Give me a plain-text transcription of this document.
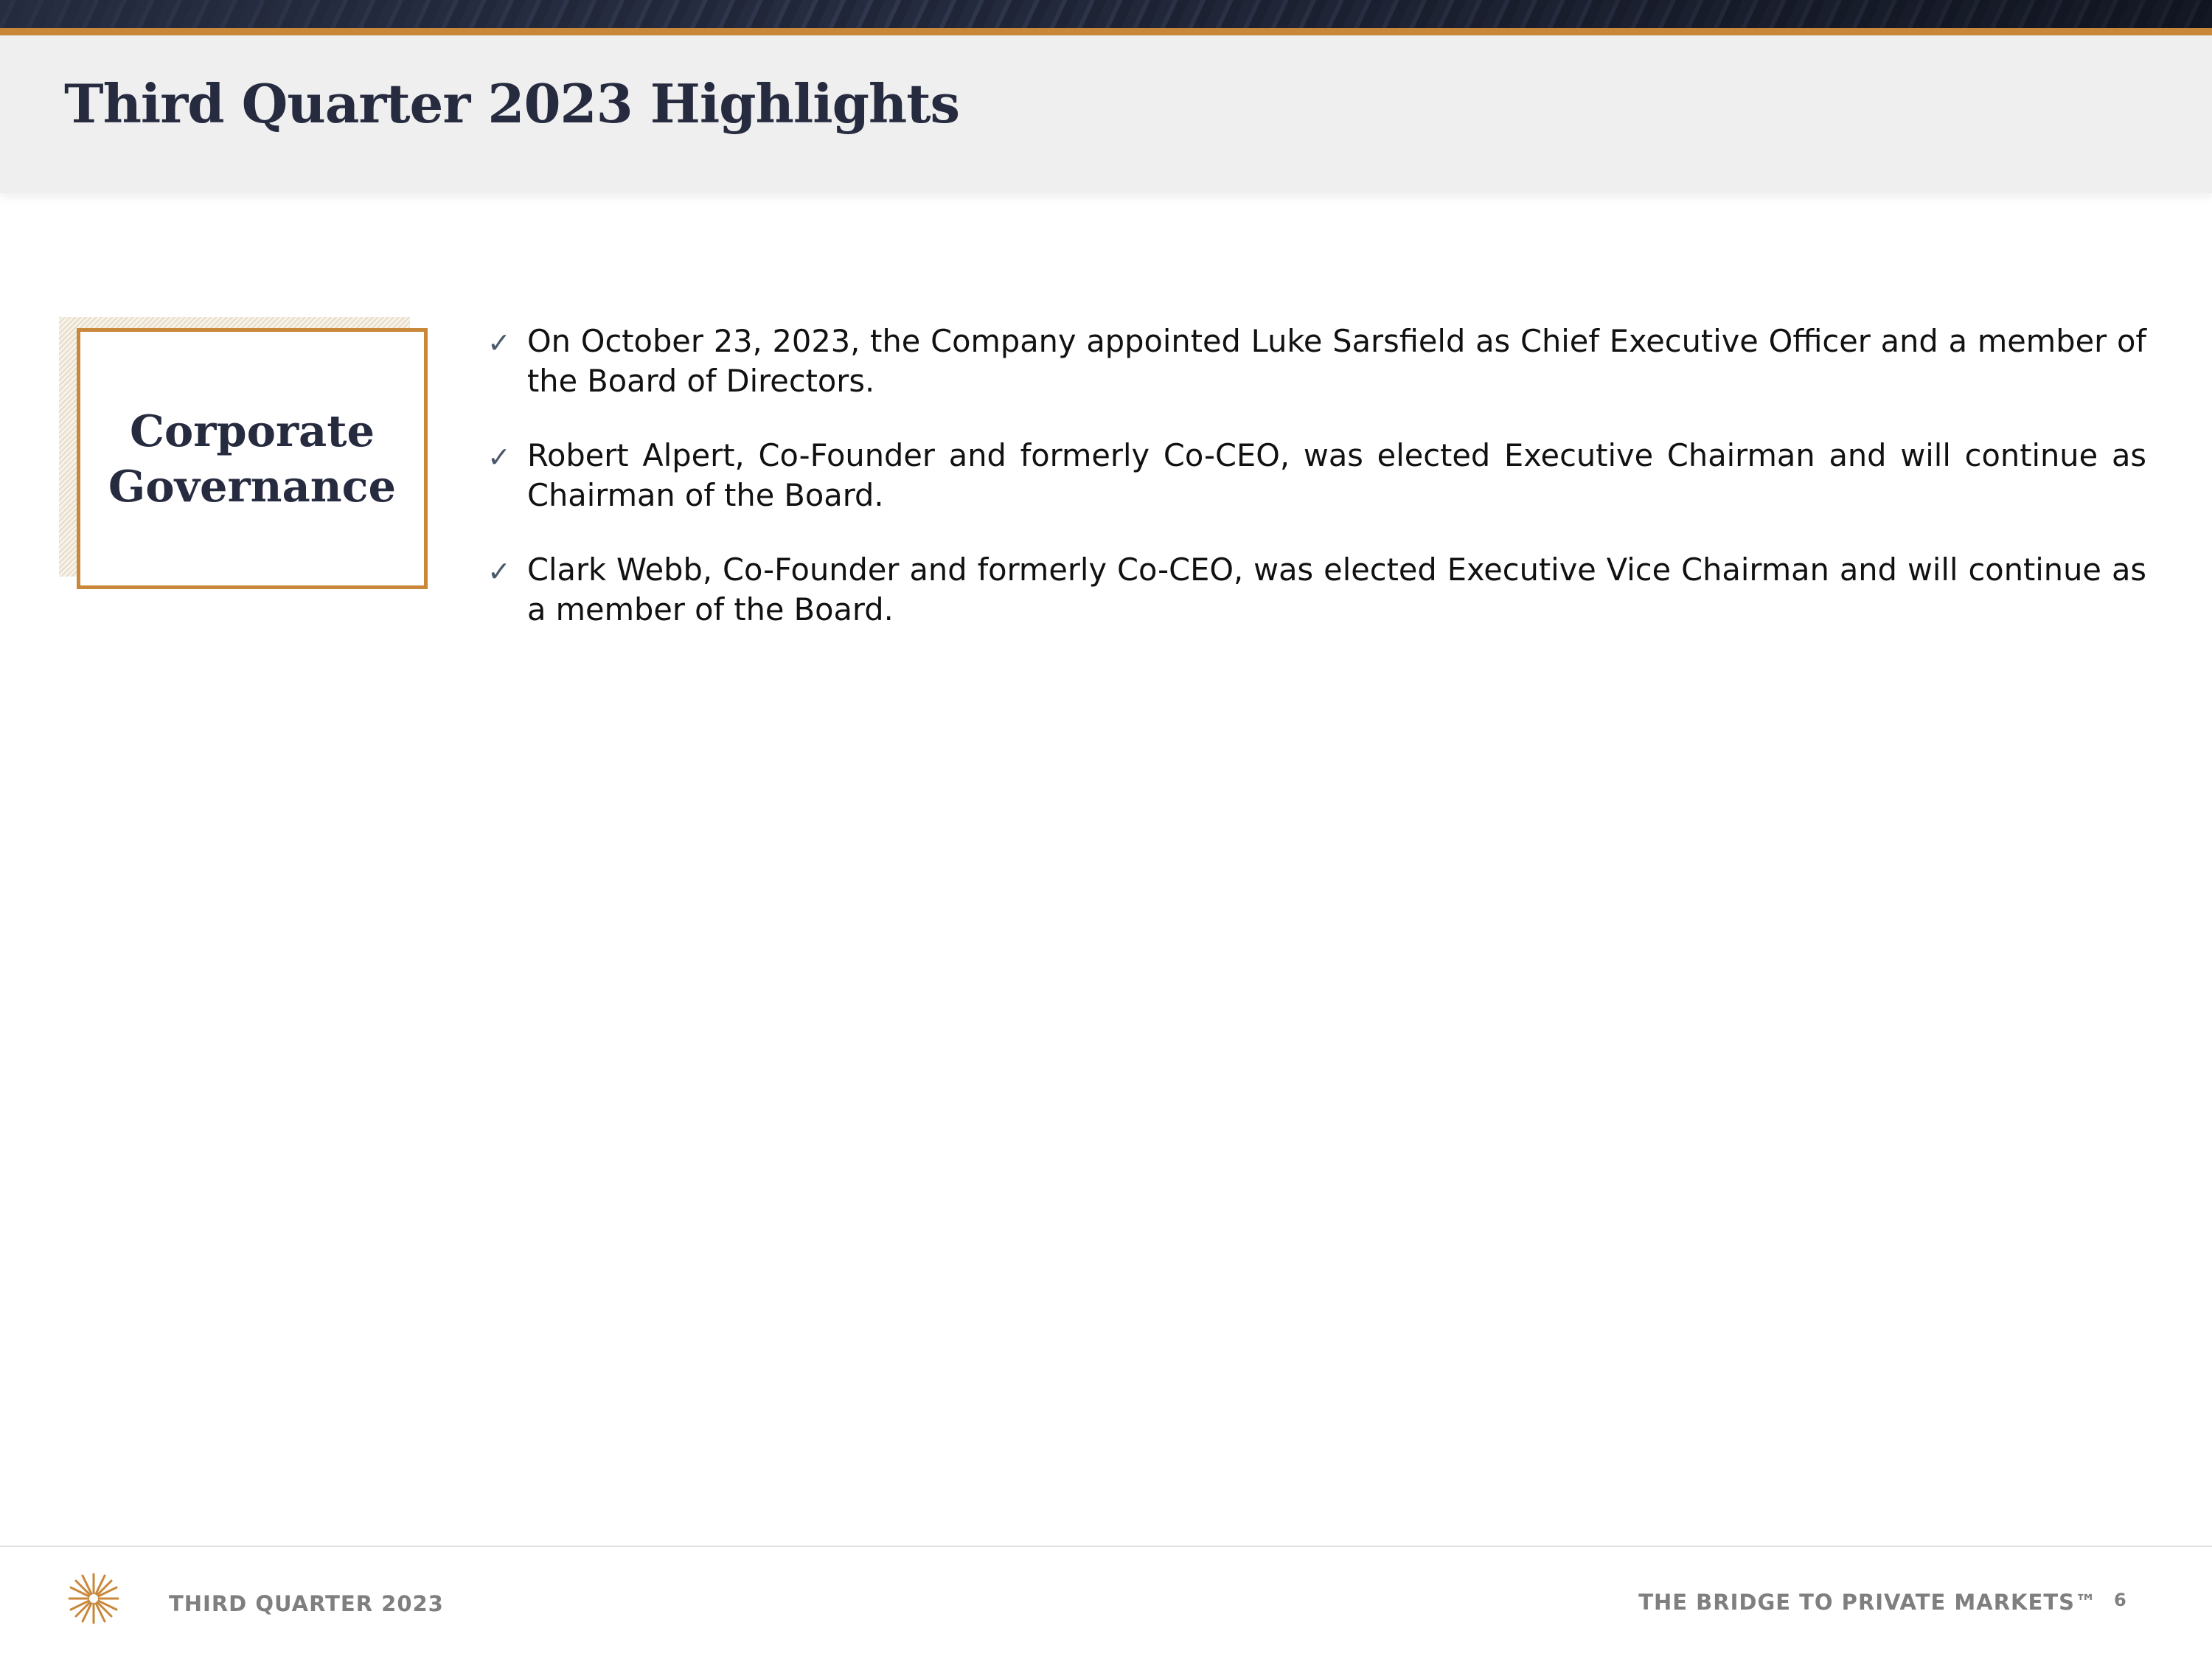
Third Quarter 2023 Highlights
Corporate
Governance
✓ On October 23, 2023, the Company appointed Luke Sarsfield as Chief Executive Officer and a member of the Board of Directors.
✓ Robert Alpert, Co-Founder and formerly Co-CEO, was elected Executive Chairman and will continue as Chairman of the Board.
✓ Clark Webb, Co-Founder and formerly Co-CEO, was elected Executive Vice Chairman and will continue as a member of the Board.
THIRD QUARTER 2023	THE BRIDGE TO PRIVATE MARKETS™ 6
